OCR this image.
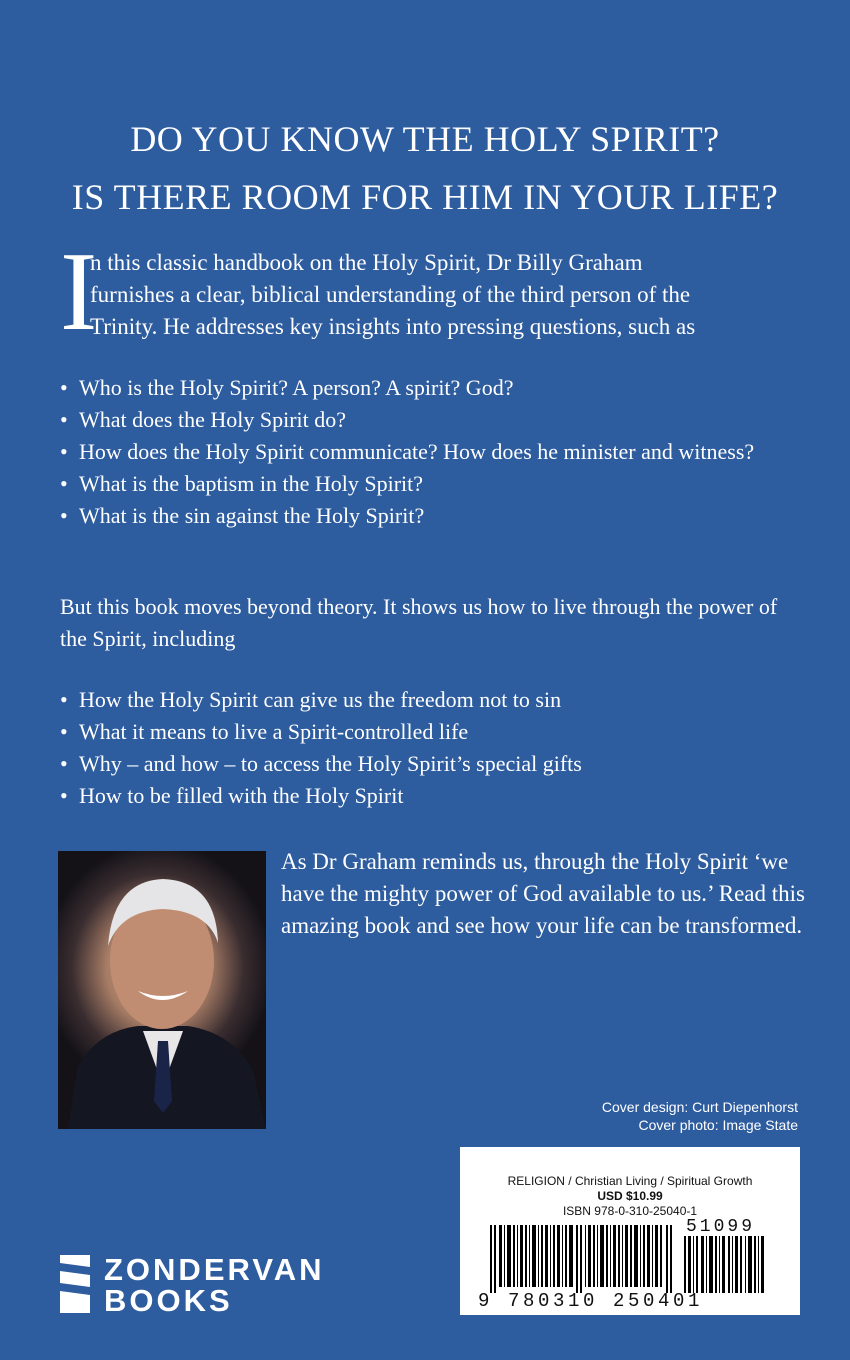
DO YOU KNOW THE HOLY SPIRIT?
IS THERE ROOM FOR HIM IN YOUR LIFE?
I
n this classic handbook on the Holy Spirit, Dr Billy Graham
furnishes a clear, biblical understanding of the third person of the
Trinity. He addresses key insights into pressing questions, such as
• Who is the Holy Spirit? A person? A spirit? God?
• What does the Holy Spirit do?
• How does the Holy Spirit communicate? How does he minister and witness?
• What is the baptism in the Holy Spirit?
• What is the sin against the Holy Spirit?

But this book moves beyond theory. It shows us how to live through the power of the Spirit, including

• How the Holy Spirit can give us the freedom not to sin
• What it means to live a Spirit-controlled life
• Why – and how – to access the Holy Spirit’s special gifts
• How to be filled with the Holy Spirit

As Dr Graham reminds us, through the Holy Spirit ‘we have the mighty power of God available to us.’ Read this amazing book and see how your life can be transformed.

Cover design: Curt Diepenhorst
Cover photo: Image State
RELIGION / Christian Living / Spiritual Growth
USD $10.99
ISBN 978-0-310-25040-1
51099
9 780310 250401
ZONDERVAN
BOOKS
